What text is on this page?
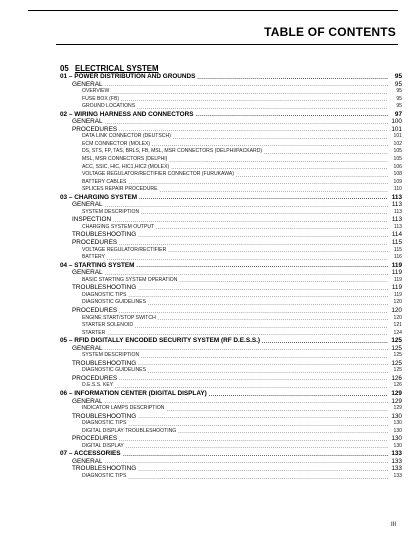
TABLE OF CONTENTS
05 ELECTRICAL SYSTEM
01 – POWER DISTRIBUTION AND GROUNDS .....	95
GENERAL .....	95
OVERVIEW .....	95
FUSE BOX (FB) .....	95
GROUND LOCATIONS .....	95
02 – WIRING HARNESS AND CONNECTORS .....	97
GENERAL .....	100
PROCEDURES .....	101
DATA LINK CONNECTOR (DEUTSCH) .....	101
ECM CONNECTOR (MOLEX) .....	102
DS, STS, FP, TAS, BRLS, FB, MSL, MSR CONNECTORS (DELPHI/PACKARD) .....	105
MSL, MSR CONNECTORS (DELPHI) .....	105
ACC, SSIC, HIC, HIC1,HIC2 (MOLEX) .....	106
VOLTAGE REGULATOR/RECTIFIER CONNECTOR (FURUKAWA) .....	108
BATTERY CABLES .....	109
SPLICES REPAIR PROCEDURE .....	110
03 – CHARGING SYSTEM .....	113
GENERAL .....	113
SYSTEM DESCRIPTION .....	113
INSPECTION .....	113
CHARGING SYSTEM OUTPUT .....	113
TROUBLESHOOTING .....	114
PROCEDURES .....	115
VOLTAGE REGULATOR/RECTIFIER .....	115
BATTERY .....	116
04 – STARTING SYSTEM .....	119
GENERAL .....	119
BASIC STARTING SYSTEM OPERATION .....	119
TROUBLESHOOTING .....	119
DIAGNOSTIC TIPS .....	119
DIAGNOSTIC GUIDELINES .....	120
PROCEDURES .....	120
ENGINE START/STOP SWITCH .....	120
STARTER SOLENOID .....	121
STARTER .....	124
05 – RFID DIGITALLY ENCODED SECURITY SYSTEM (RF D.E.S.S.) .....	125
GENERAL .....	125
SYSTEM DESCRIPTION .....	125
TROUBLESHOOTING .....	125
DIAGNOSTIC GUIDELINES .....	125
PROCEDURES .....	126
D.E.S.S. KEY .....	126
06 – INFORMATION CENTER (DIGITAL DISPLAY) .....	129
GENERAL .....	129
INDICATOR LAMPS DESCRIPTION .....	129
TROUBLESHOOTING .....	130
DIAGNOSTIC TIPS .....	130
DIGITAL DISPLAY TROUBLESHOOTING .....	130
PROCEDURES .....	130
DIGITAL DISPLAY .....	130
07 – ACCESSORIES .....	133
GENERAL .....	133
TROUBLESHOOTING .....	133
DIAGNOSTIC TIPS .....	133
III
